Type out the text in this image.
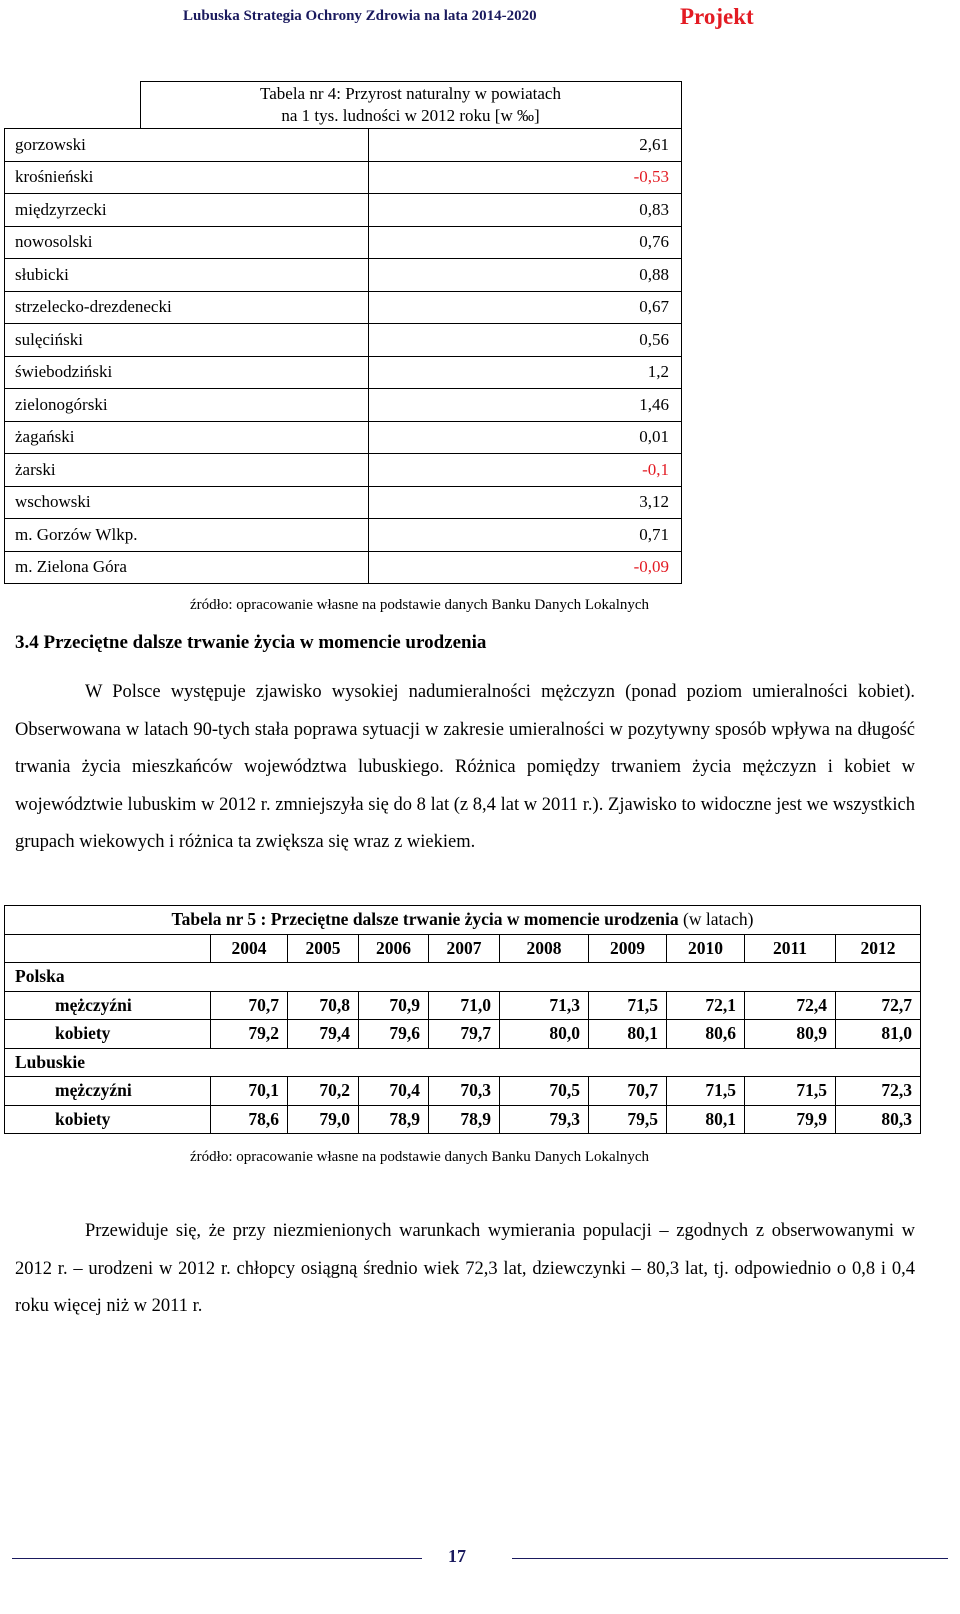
Lubuska Strategia Ochrony Zdrowia na lata 2014-2020	Projekt
Tabela nr 4: Przyrost naturalny w powiatach
na 1 tys. ludności w 2012 roku [w ‰]	

gorzowski	2,61
krośnieński	-0,53
międzyrzecki	0,83
nowosolski	0,76
słubicki	0,88
strzelecko-drezdenecki	0,67
sulęciński	0,56
świebodziński	1,2
zielonogórski	1,46
żagański	0,01
żarski	-0,1
wschowski	3,12
m. Gorzów Wlkp.	0,71
m. Zielona Góra	-0,09
źródło: opracowanie własne na podstawie danych Banku Danych Lokalnych
3.4 Przeciętne dalsze trwanie życia w momencie urodzenia

W Polsce występuje zjawisko wysokiej nadumieralności mężczyzn (ponad poziom umieralności kobiet). Obserwowana w latach 90-tych stała poprawa sytuacji w zakresie umieralności w pozytywny sposób wpływa na długość trwania życia mieszkańców województwa lubuskiego. Różnica pomiędzy trwaniem życia mężczyzn i kobiet w województwie lubuskim w 2012 r. zmniejszyła się do 8 lat (z 8,4 lat w 2011 r.). Zjawisko to widoczne jest we wszystkich grupach wiekowych i różnica ta zwiększa się wraz z wiekiem.

Tabela nr 5 : Przeciętne dalsze trwanie życia w momencie urodzenia (w latach)									
	2004	2005	2006	2007	2008	2009	2010	2011	2012
Polska									
mężczyźni	70,7	70,8	70,9	71,0	71,3	71,5	72,1	72,4	72,7
kobiety	79,2	79,4	79,6	79,7	80,0	80,1	80,6	80,9	81,0
Lubuskie									
mężczyźni	70,1	70,2	70,4	70,3	70,5	70,7	71,5	71,5	72,3
kobiety	78,6	79,0	78,9	78,9	79,3	79,5	80,1	79,9	80,3
źródło: opracowanie własne na podstawie danych Banku Danych Lokalnych

Przewiduje się, że przy niezmienionych warunkach wymierania populacji – zgodnych z obserwowanymi w 2012 r. – urodzeni w 2012 r. chłopcy osiągną średnio wiek 72,3 lat, dziewczynki – 80,3 lat, tj. odpowiednio o 0,8 i 0,4 roku więcej niż w 2011 r.

17
